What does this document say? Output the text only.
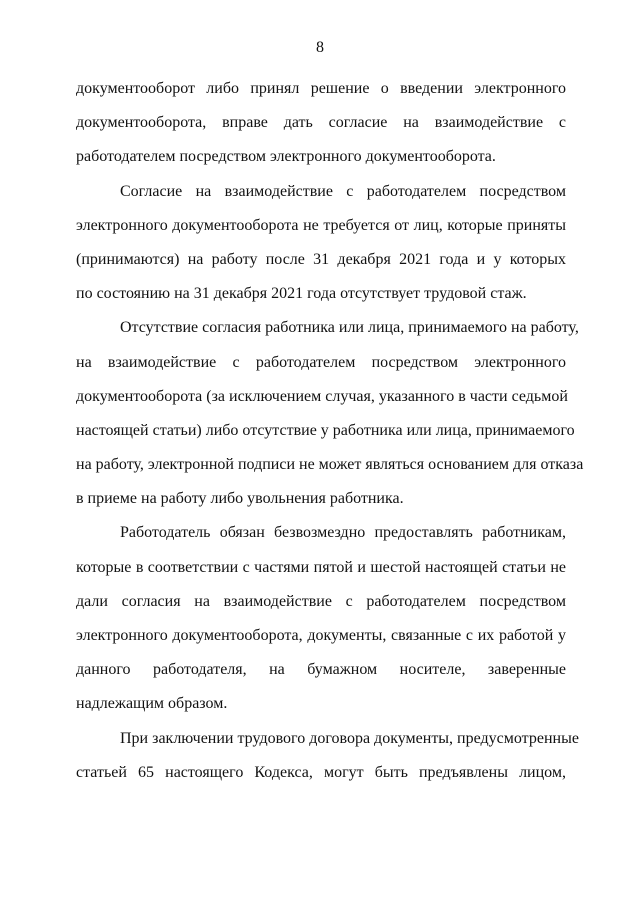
8
документооборот либо принял решение о введении электронного
документооборота, вправе дать согласие на взаимодействие с
работодателем посредством электронного документооборота.
Согласие на взаимодействие с работодателем посредством
электронного документооборота не требуется от лиц, которые приняты
(принимаются) на работу после 31 декабря 2021 года и у которых
по состоянию на 31 декабря 2021 года отсутствует трудовой стаж.
Отсутствие согласия работника или лица, принимаемого на работу,
на взаимодействие с работодателем посредством электронного
документооборота (за исключением случая, указанного в части седьмой
настоящей статьи) либо отсутствие у работника или лица, принимаемого
на работу, электронной подписи не может являться основанием для отказа
в приеме на работу либо увольнения работника.
Работодатель обязан безвозмездно предоставлять работникам,
которые в соответствии с частями пятой и шестой настоящей статьи не
дали согласия на взаимодействие с работодателем посредством
электронного документооборота, документы, связанные с их работой у
данного работодателя, на бумажном носителе, заверенные
надлежащим образом.
При заключении трудового договора документы, предусмотренные
статьей 65 настоящего Кодекса, могут быть предъявлены лицом,
